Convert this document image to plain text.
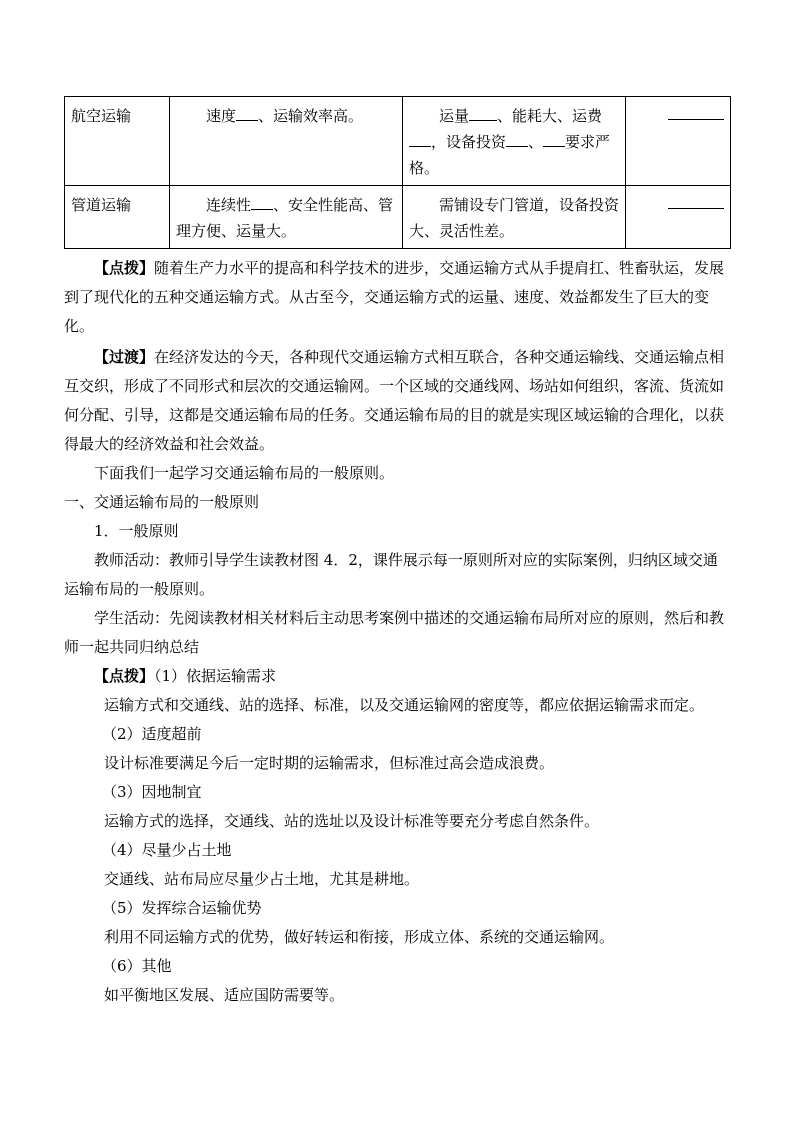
航空运输	速度 、运输效率高。	运量 、能耗大、运费，设备投资 、 要求严格。	

管道运输	连续性 、安全性能高、管理方便、运量大。	需铺设专门管道，设备投资大、灵活性差。	

【点拨】随着生产力水平的提高和科学技术的进步，交通运输方式从手提肩扛、牲畜驮运，发展到了现代化的五种交通运输方式。从古至今，交通运输方式的运量、速度、效益都发生了巨大的变化。

【过渡】在经济发达的今天，各种现代交通运输方式相互联合，各种交通运输线、交通运输点相互交织，形成了不同形式和层次的交通运输网。一个区域的交通线网、场站如何组织，客流、货流如何分配、引导，这都是交通运输布局的任务。交通运输布局的目的就是实现区域运输的合理化，以获得最大的经济效益和社会效益。

下面我们一起学习交通运输布局的一般原则。

一、交通运输布局的一般原则

1．一般原则

教师活动：教师引导学生读教材图 4．2，课件展示每一原则所对应的实际案例，归纳区域交通运输布局的一般原则。

学生活动：先阅读教材相关材料后主动思考案例中描述的交通运输布局所对应的原则，然后和教师一起共同归纳总结

【点拨】（1）依据运输需求

运输方式和交通线、站的选择、标准，以及交通运输网的密度等，都应依据运输需求而定。

（2）适度超前

设计标准要满足今后一定时期的运输需求，但标准过高会造成浪费。

（3）因地制宜

运输方式的选择，交通线、站的选址以及设计标准等要充分考虑自然条件。

（4）尽量少占土地

交通线、站布局应尽量少占土地，尤其是耕地。

（5）发挥综合运输优势

利用不同运输方式的优势，做好转运和衔接，形成立体、系统的交通运输网。

（6）其他

如平衡地区发展、适应国防需要等。
